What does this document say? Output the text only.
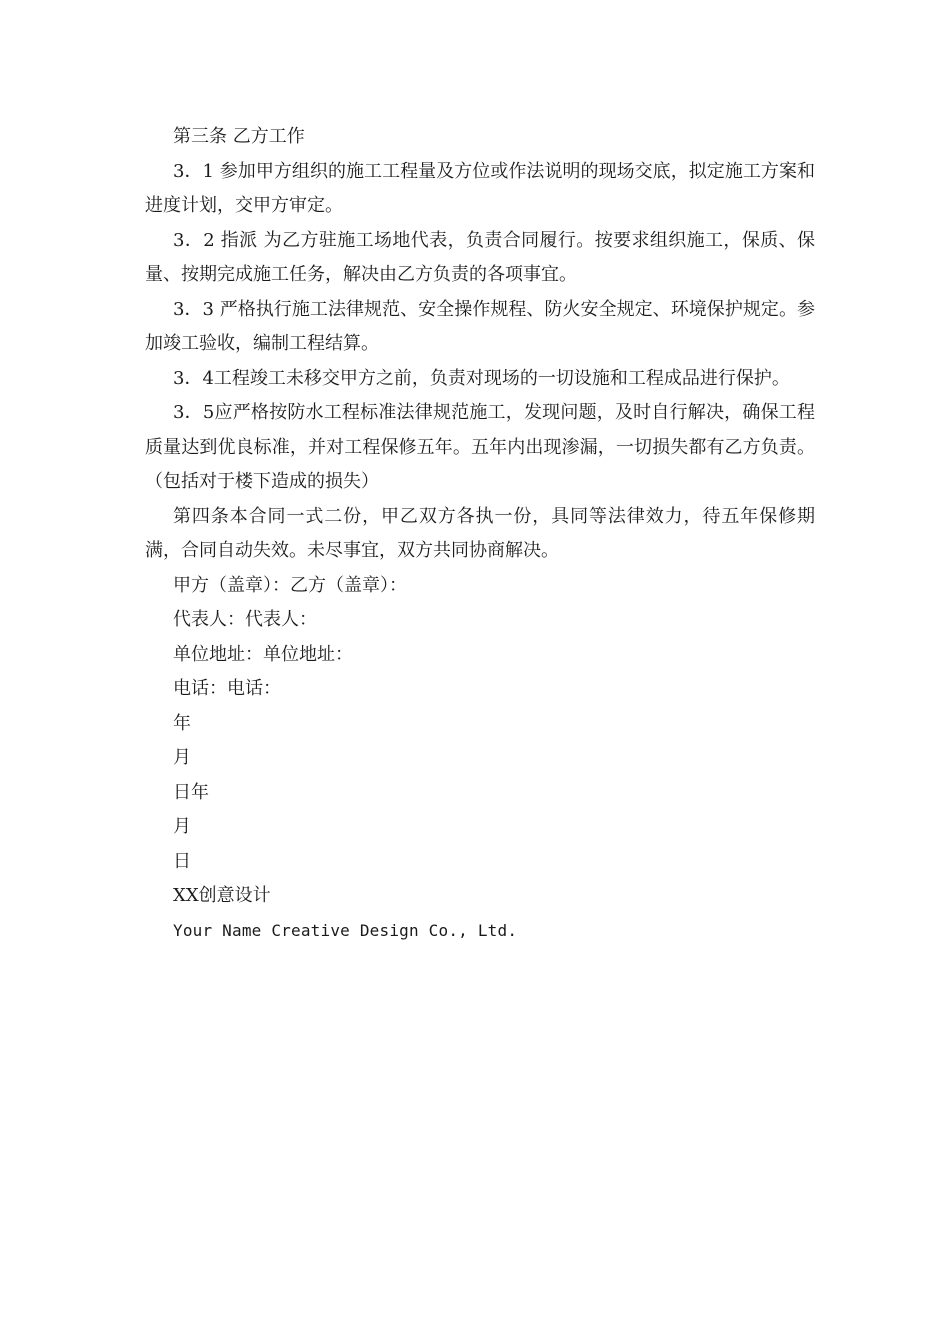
第三条 乙方工作

3．1 参加甲方组织的施工工程量及方位或作法说明的现场交底，拟定施工方案和进度计划，交甲方审定。

3．2 指派 为乙方驻施工场地代表，负责合同履行。按要求组织施工，保质、保量、按期完成施工任务，解决由乙方负责的各项事宜。

3．3 严格执行施工法律规范、安全操作规程、防火安全规定、环境保护规定。参加竣工验收，编制工程结算。

3．4工程竣工未移交甲方之前，负责对现场的一切设施和工程成品进行保护。

3．5应严格按防水工程标准法律规范施工，发现问题，及时自行解决，确保工程质量达到优良标准，并对工程保修五年。五年内出现渗漏，一切损失都有乙方负责。（包括对于楼下造成的损失）

第四条本合同一式二份，甲乙双方各执一份，具同等法律效力，待五年保修期满，合同自动失效。未尽事宜，双方共同协商解决。

甲方（盖章）：乙方（盖章）：

代表人：代表人：

单位地址：单位地址：

电话：电话：

年

月

日年

月

日

XX创意设计

Your Name Creative Design Co., Ltd.
